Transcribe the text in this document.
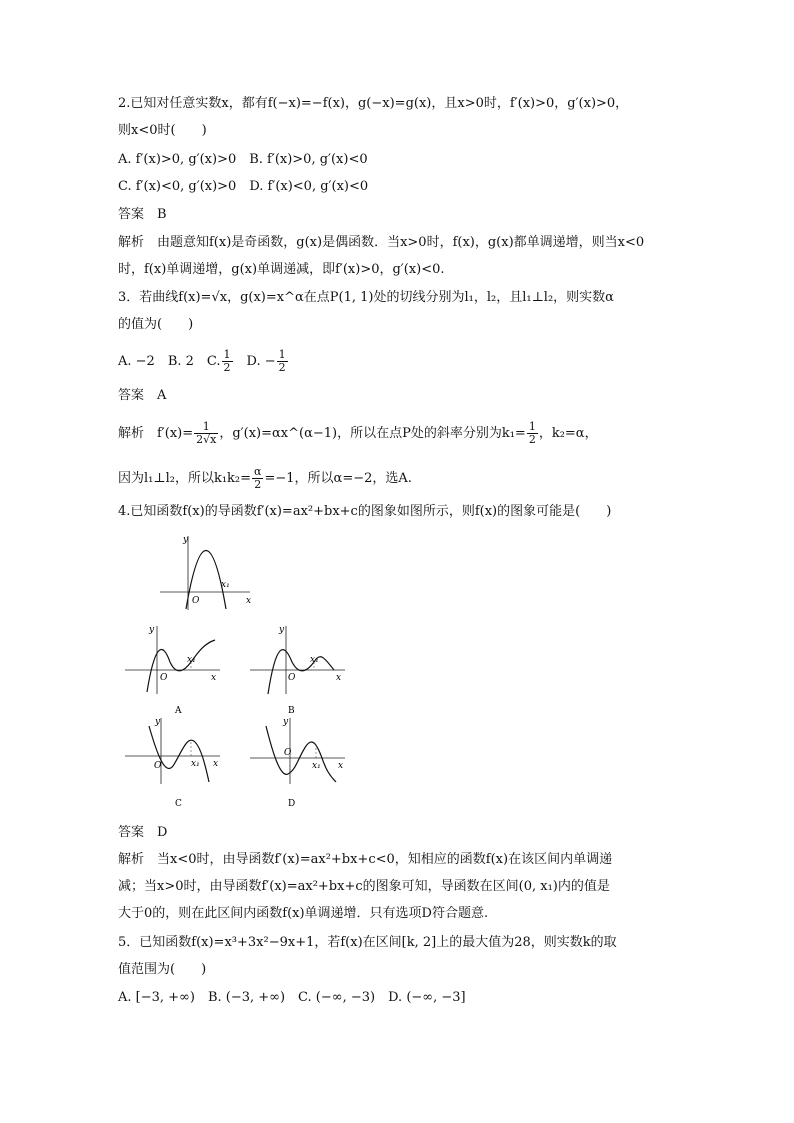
2.已知对任意实数x，都有f(−x)=−f(x)，g(−x)=g(x)，且x>0时，f′(x)>0，g′(x)>0，
则x<0时(　　)
A. f′(x)>0, g′(x)>0　B. f′(x)>0, g′(x)<0
C. f′(x)<0, g′(x)>0　D. f′(x)<0, g′(x)<0
答案　B
解析　由题意知f(x)是奇函数，g(x)是偶函数．当x>0时，f(x)，g(x)都单调递增，则当x<0
时，f(x)单调递增，g(x)单调递减，即f′(x)>0，g′(x)<0.
3．若曲线f(x)=√x，g(x)=x^α在点P(1, 1)处的切线分别为l₁，l₂，且l₁⊥l₂，则实数α
的值为(　　)
A. −2　B. 2　C. $\frac{1}{2}$ 　D. − $\frac{1}{2}$
答案　A
解析　$f'(x)= \frac{1}{2√x}$ ，g′(x)=αx^(α−1)，所以在点P处的斜率分别为$k_1= \frac{1}{2}$ ，k₂=α，
因为l₁⊥l₂，所以$k_1k_2= \frac{\alpha}{2} =-1$，所以α=−2，选A.
4.已知函数f(x)的导函数f′(x)=ax²+bx+c的图象如图所示，则f(x)的图象可能是(　　)
答案　D
解析　当x<0时，由导函数f′(x)=ax²+bx+c<0，知相应的函数f(x)在该区间内单调递
减；当x>0时，由导函数f′(x)=ax²+bx+c的图象可知，导函数在区间(0, x₁)内的值是
大于0的，则在此区间内函数f(x)单调递增．只有选项D符合题意.
5．已知函数f(x)=x³+3x²−9x+1，若f(x)在区间[k, 2]上的最大值为28，则实数k的取
值范围为(　　)
A. [−3, +∞)　B. (−3, +∞)　C. (−∞, −3)　D. (−∞, −3]
y
x
O
x₁
y
x
O
x₁
A
y
x
O
x₁
B
y
x
O	x₁
C
y
x
O
x₁
D
